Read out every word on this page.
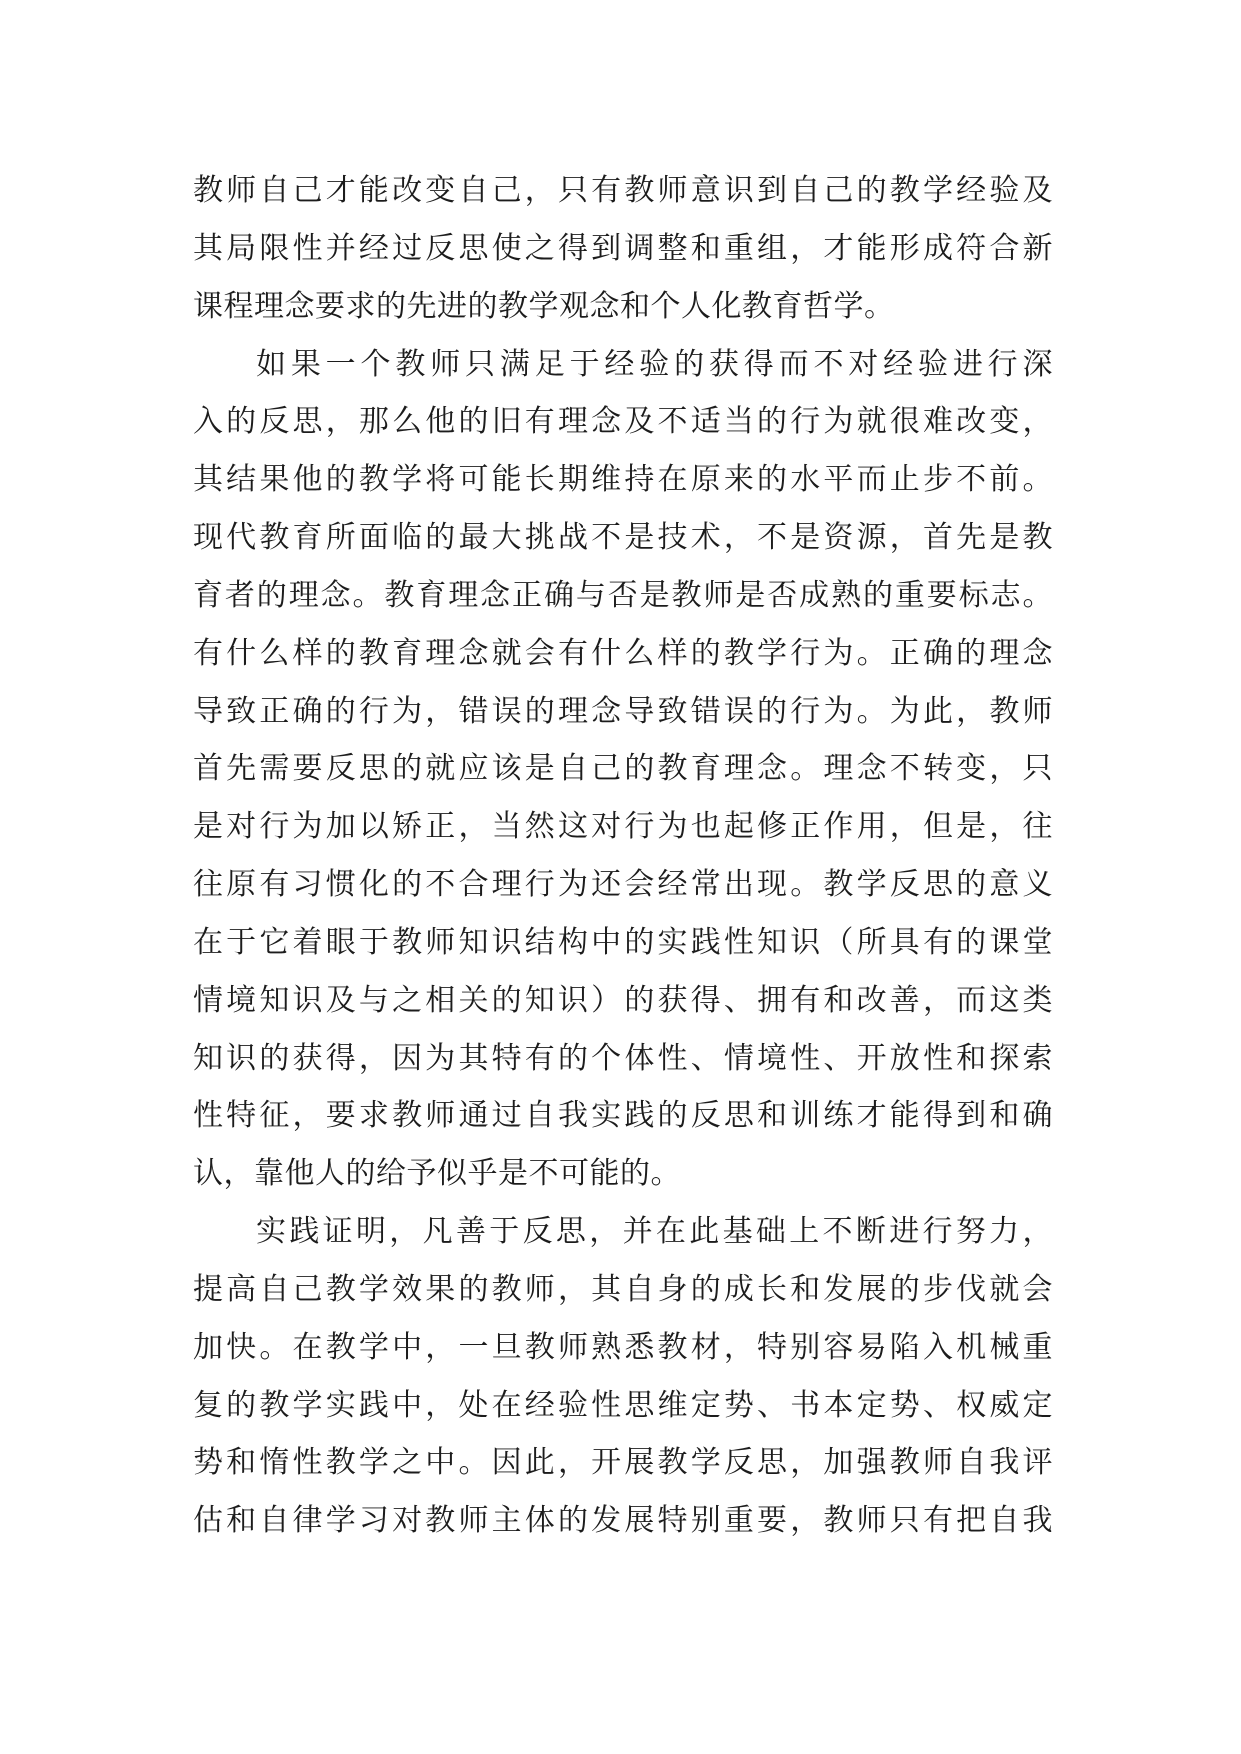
教师自己才能改变自己，只有教师意识到自己的教学经验及

其局限性并经过反思使之得到调整和重组，才能形成符合新

课程理念要求的先进的教学观念和个人化教育哲学。

如果一个教师只满足于经验的获得而不对经验进行深

入的反思，那么他的旧有理念及不适当的行为就很难改变，

其结果他的教学将可能长期维持在原来的水平而止步不前。

现代教育所面临的最大挑战不是技术，不是资源，首先是教

育者的理念。教育理念正确与否是教师是否成熟的重要标志。

有什么样的教育理念就会有什么样的教学行为。正确的理念

导致正确的行为，错误的理念导致错误的行为。为此，教师

首先需要反思的就应该是自己的教育理念。理念不转变，只

是对行为加以矫正，当然这对行为也起修正作用，但是，往

往原有习惯化的不合理行为还会经常出现。教学反思的意义

在于它着眼于教师知识结构中的实践性知识（所具有的课堂

情境知识及与之相关的知识）的获得、拥有和改善，而这类

知识的获得，因为其特有的个体性、情境性、开放性和探索

性特征，要求教师通过自我实践的反思和训练才能得到和确

认，靠他人的给予似乎是不可能的。

实践证明，凡善于反思，并在此基础上不断进行努力，

提高自己教学效果的教师，其自身的成长和发展的步伐就会

加快。在教学中，一旦教师熟悉教材，特别容易陷入机械重

复的教学实践中，处在经验性思维定势、书本定势、权威定

势和惰性教学之中。因此，开展教学反思，加强教师自我评

估和自律学习对教师主体的发展特别重要，教师只有把自我
